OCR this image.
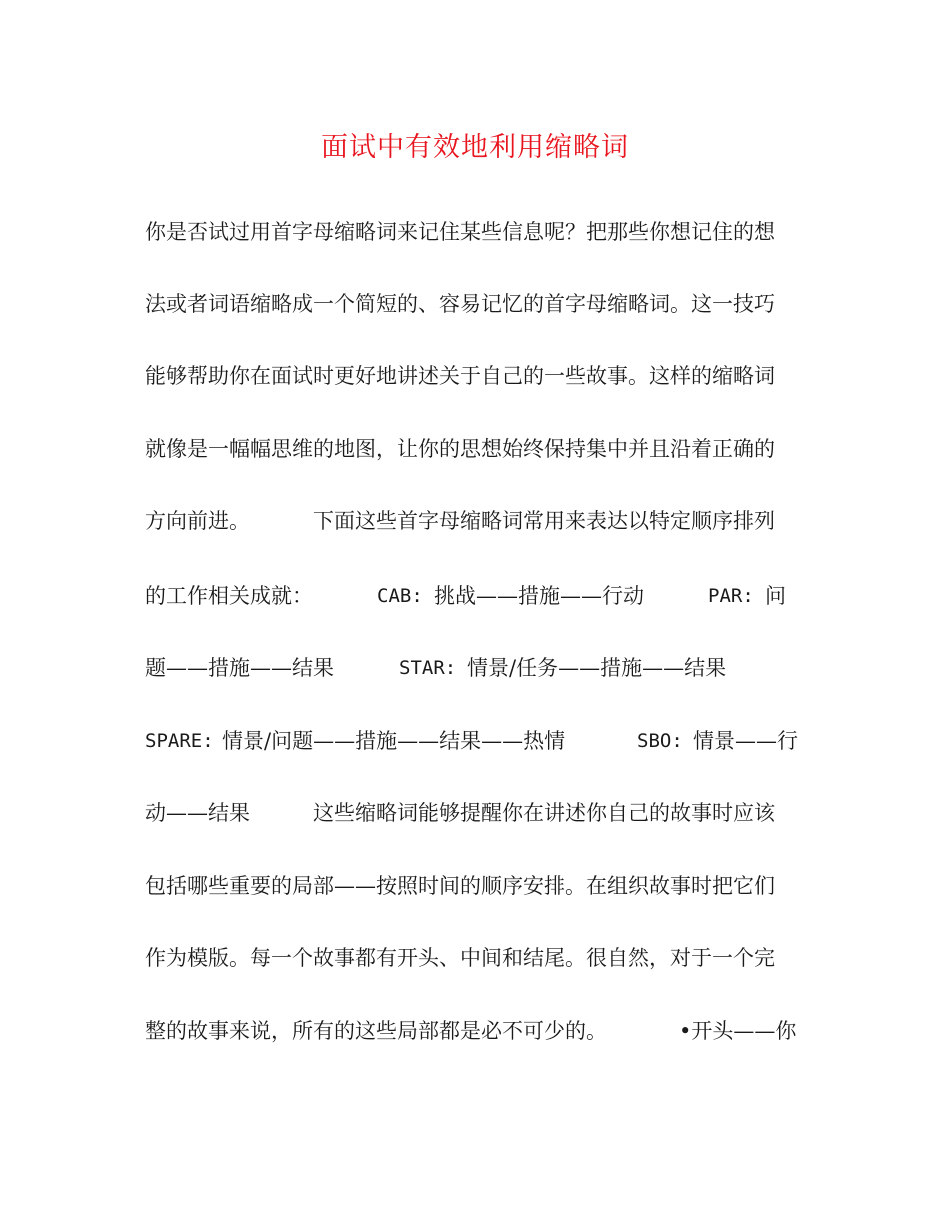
面试中有效地利用缩略词
你是否试过用首字母缩略词来记住某些信息呢？把那些你想记住的想
法或者词语缩略成一个简短的、容易记忆的首字母缩略词。这一技巧
能够帮助你在面试时更好地讲述关于自己的一些故事。这样的缩略词
就像是一幅幅思维的地图，让你的思想始终保持集中并且沿着正确的
方向前进。	下面这些首字母缩略词常用来表达以特定顺序排列
的工作相关成就：	CAB: 挑战——措施——行动	PAR: 问
题——措施——结果	STAR: 情景/任务——措施——结果
SPARE: 情景/问题——措施——结果——热情	SBO: 情景——行
动——结果	这些缩略词能够提醒你在讲述你自己的故事时应该
包括哪些重要的局部——按照时间的顺序安排。在组织故事时把它们
作为模版。每一个故事都有开头、中间和结尾。很自然，对于一个完
整的故事来说，所有的这些局部都是必不可少的。	•开头——你
